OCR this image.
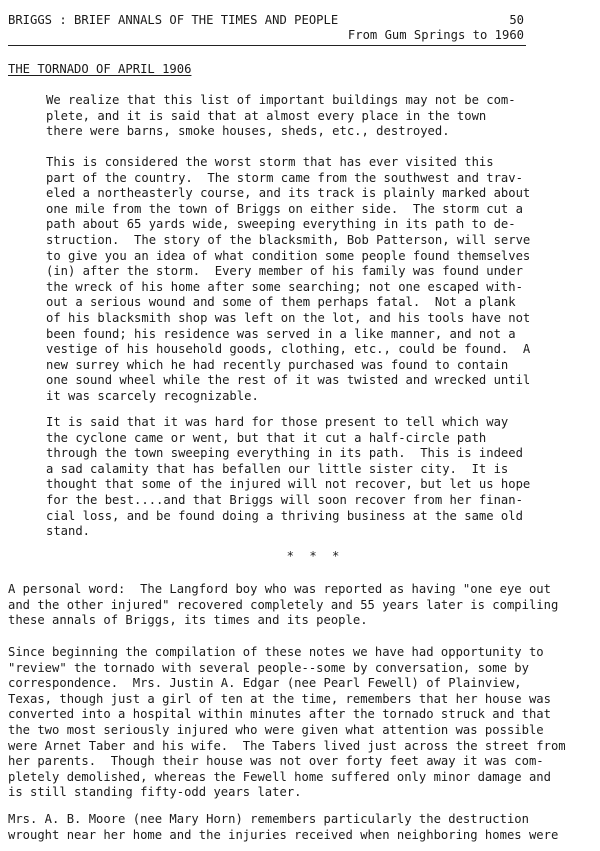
BRIGGS : BRIEF ANNALS OF THE TIMES AND PEOPLE	50
From Gum Springs to 1960
THE TORNADO OF APRIL 1906

We realize that this list of important buildings may not be com-
plete, and it is said that at almost every place in the town
there were barns, smoke houses, sheds, etc., destroyed.

This is considered the worst storm that has ever visited this
part of the country.  The storm came from the southwest and trav-
eled a northeasterly course, and its track is plainly marked about
one mile from the town of Briggs on either side.  The storm cut a
path about 65 yards wide, sweeping everything in its path to de-
struction.  The story of the blacksmith, Bob Patterson, will serve
to give you an idea of what condition some people found themselves
(in) after the storm.  Every member of his family was found under
the wreck of his home after some searching; not one escaped with-
out a serious wound and some of them perhaps fatal.  Not a plank
of his blacksmith shop was left on the lot, and his tools have not
been found; his residence was served in a like manner, and not a
vestige of his household goods, clothing, etc., could be found.  A
new surrey which he had recently purchased was found to contain
one sound wheel while the rest of it was twisted and wrecked until
it was scarcely recognizable.

It is said that it was hard for those present to tell which way
the cyclone came or went, but that it cut a half-circle path
through the town sweeping everything in its path.  This is indeed
a sad calamity that has befallen our little sister city.  It is
thought that some of the injured will not recover, but let us hope
for the best....and that Briggs will soon recover from her finan-
cial loss, and be found doing a thriving business at the same old
stand.

* * *

A personal word:  The Langford boy who was reported as having "one eye out
and the other injured" recovered completely and 55 years later is compiling
these annals of Briggs, its times and its people.

Since beginning the compilation of these notes we have had opportunity to
"review" the tornado with several people--some by conversation, some by
correspondence.  Mrs. Justin A. Edgar (nee Pearl Fewell) of Plainview,
Texas, though just a girl of ten at the time, remembers that her house was
converted into a hospital within minutes after the tornado struck and that
the two most seriously injured who were given what attention was possible
were Arnet Taber and his wife.  The Tabers lived just across the street from
her parents.  Though their house was not over forty feet away it was com-
pletely demolished, whereas the Fewell home suffered only minor damage and
is still standing fifty-odd years later.

Mrs. A. B. Moore (nee Mary Horn) remembers particularly the destruction
wrought near her home and the injuries received when neighboring homes were
